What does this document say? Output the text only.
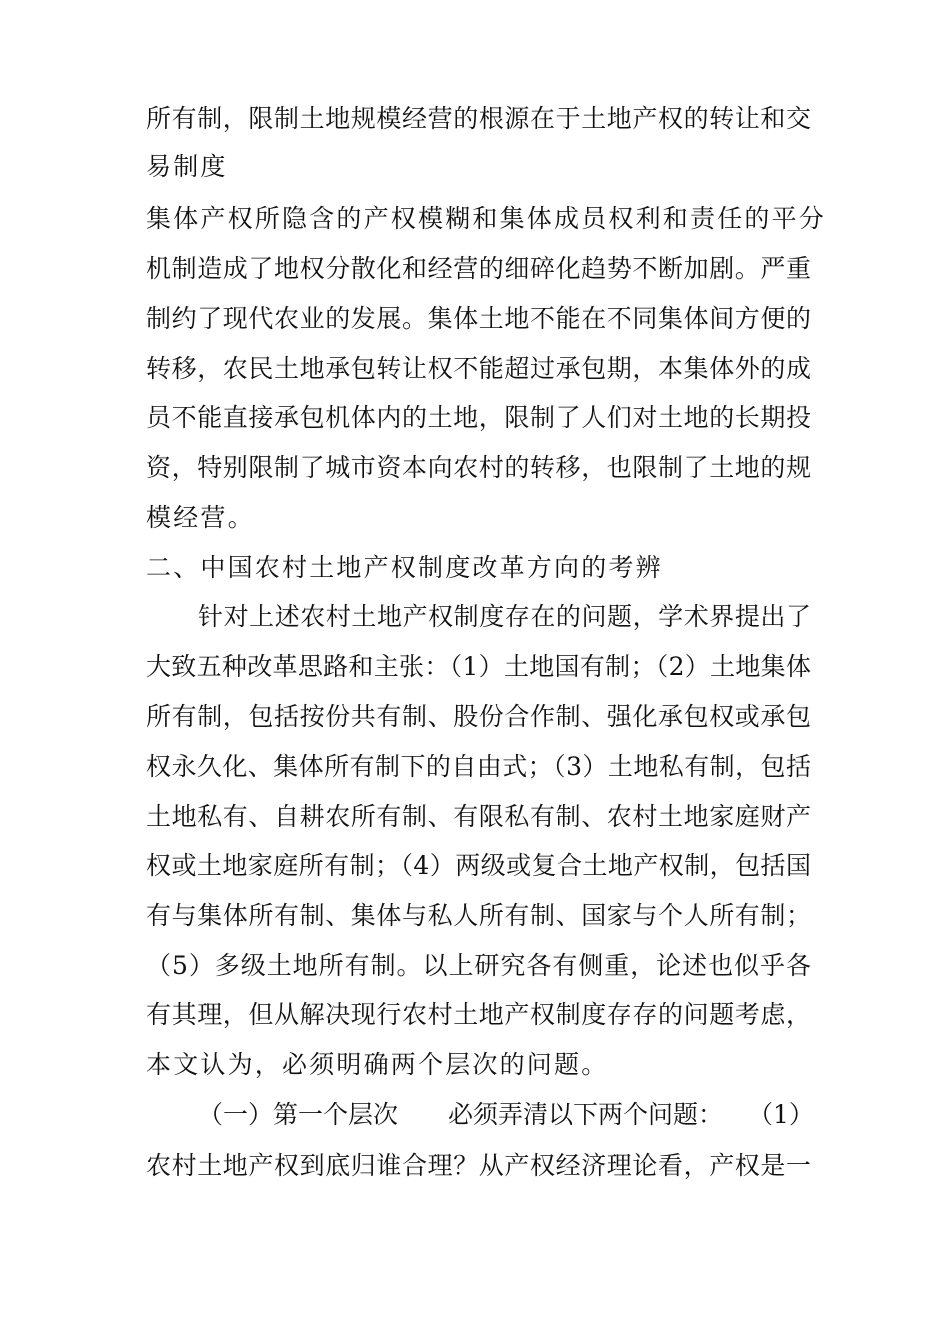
所有制，限制土地规模经营的根源在于土地产权的转让和交
易制度
集体产权所隐含的产权模糊和集体成员权利和责任的平分
机制造成了地权分散化和经营的细碎化趋势不断加剧。严重
制约了现代农业的发展。集体土地不能在不同集体间方便的
转移，农民土地承包转让权不能超过承包期，本集体外的成
员不能直接承包机体内的土地，限制了人们对土地的长期投
资，特别限制了城市资本向农村的转移，也限制了土地的规
模经营。
二、中国农村土地产权制度改革方向的考辨
针对上述农村土地产权制度存在的问题，学术界提出了
大致五种改革思路和主张：（1）土地国有制；（2）土地集体
所有制，包括按份共有制、股份合作制、强化承包权或承包
权永久化、集体所有制下的自由式；（3）土地私有制，包括
土地私有、自耕农所有制、有限私有制、农村土地家庭财产
权或土地家庭所有制；（4）两级或复合土地产权制，包括国
有与集体所有制、集体与私人所有制、国家与个人所有制；
（5）多级土地所有制。以上研究各有侧重，论述也似乎各
有其理，但从解决现行农村土地产权制度存存的问题考虑，
本文认为，必须明确两个层次的问题。
（一）第一个层次　　必须弄清以下两个问题：　　（1）
农村土地产权到底归谁合理？从产权经济理论看，产权是一
